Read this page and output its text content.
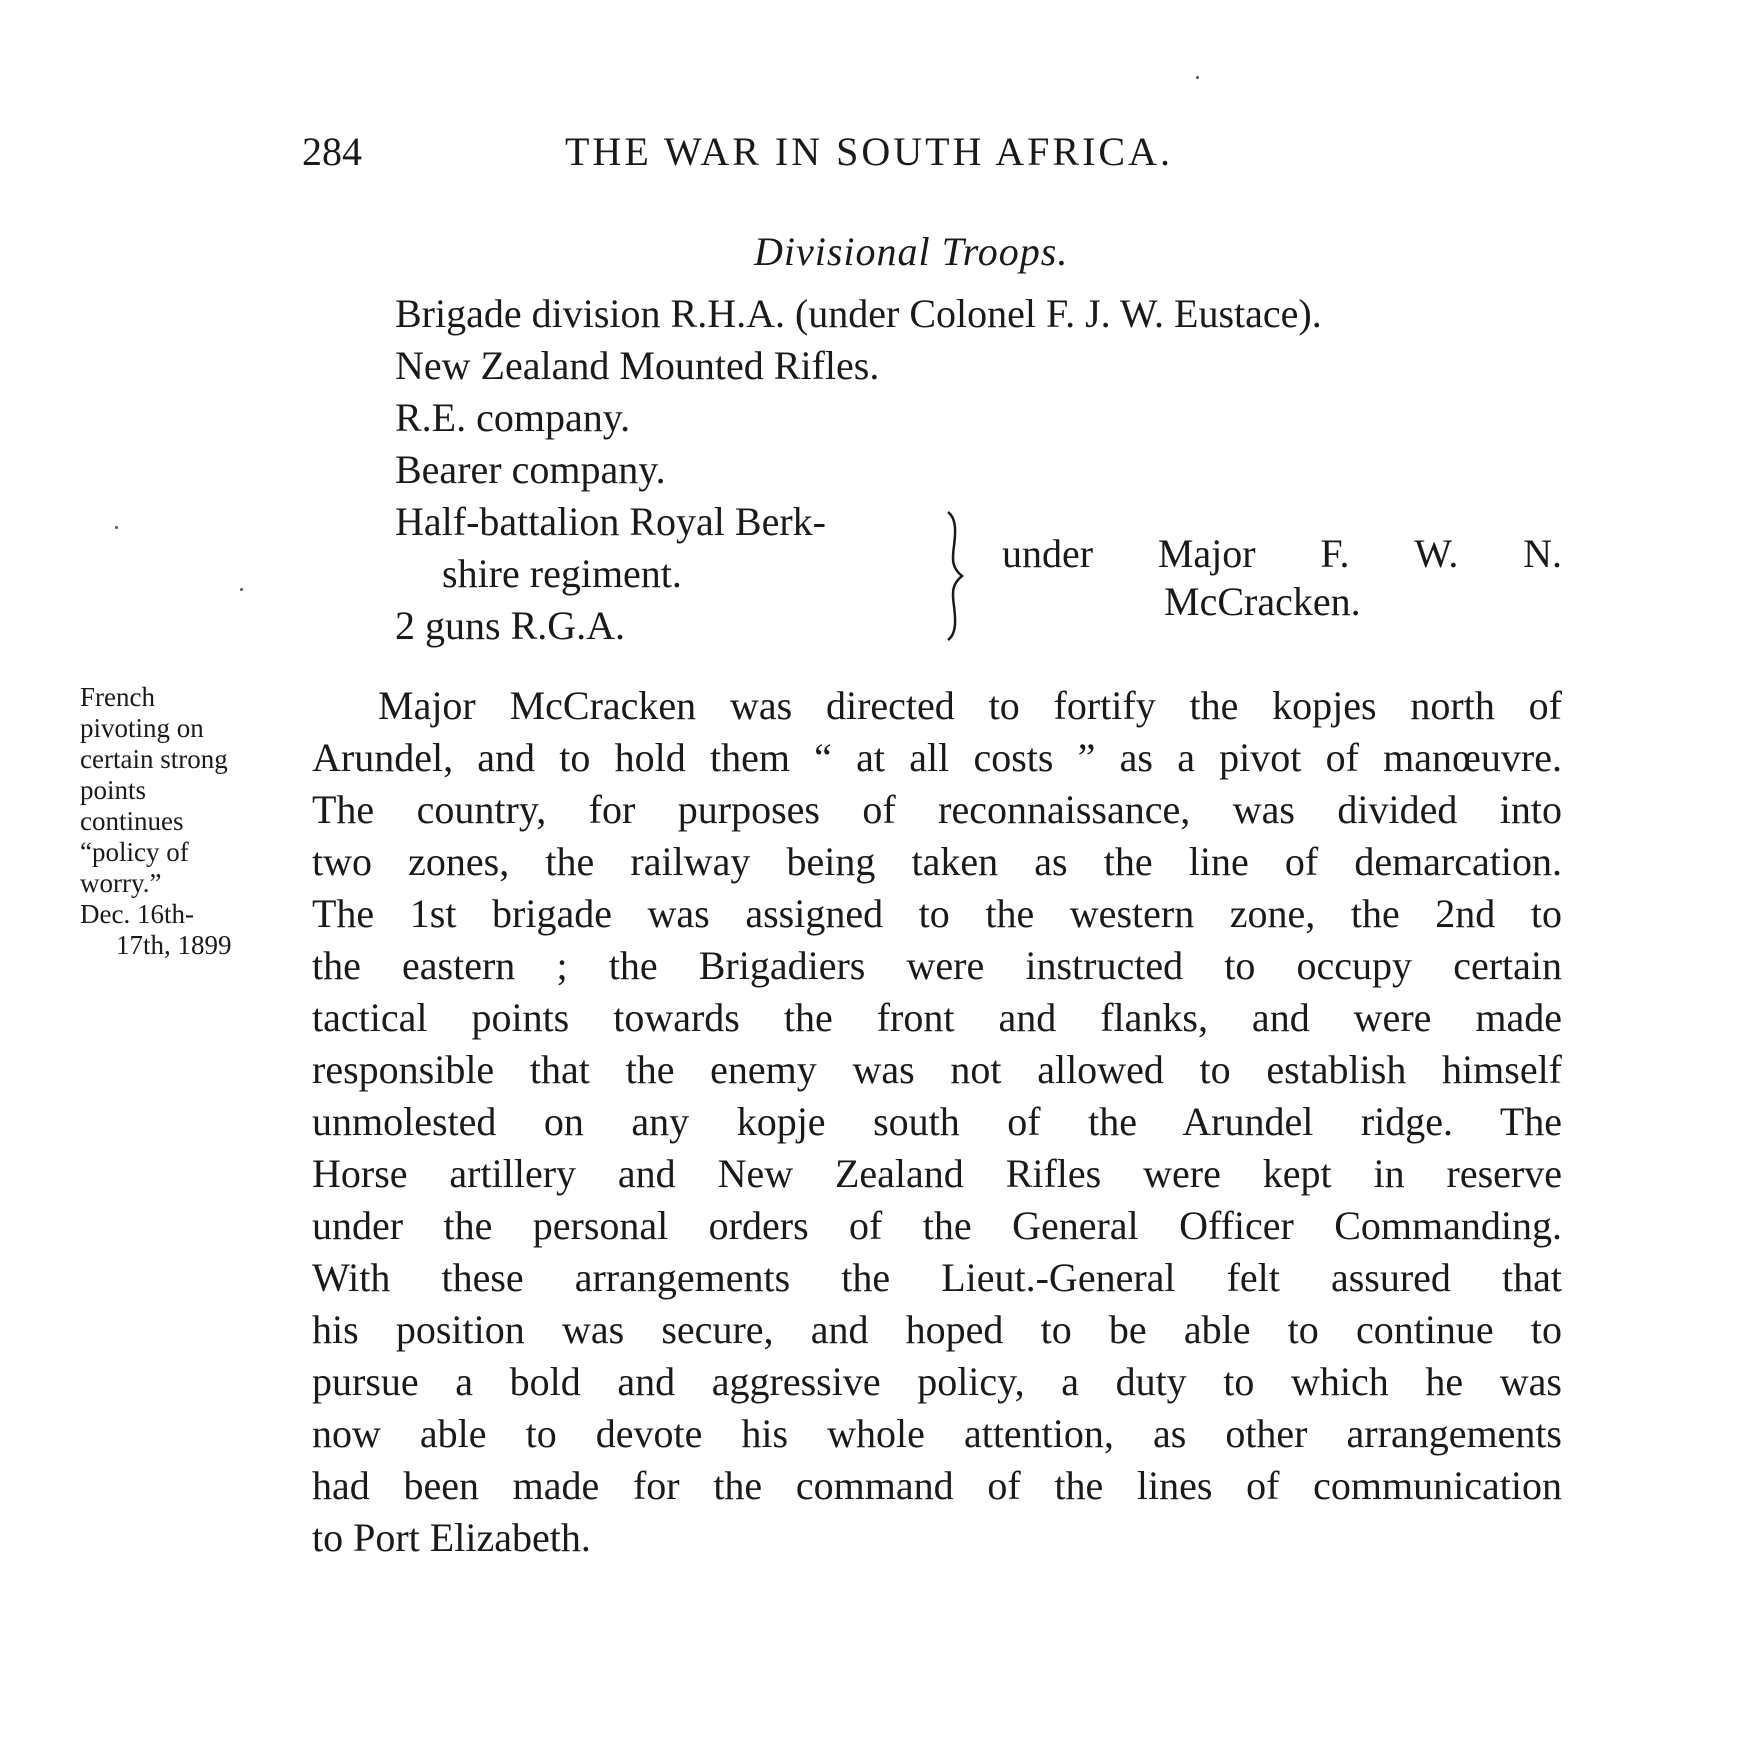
284	THE WAR IN SOUTH AFRICA.
Divisional Troops.
Brigade division R.H.A. (under Colonel F. J. W. Eustace).
New Zealand Mounted Rifles.
R.E. company.
Bearer company.
Half-battalion Royal Berk-
shire regiment.
2 guns R.G.A.
under Major F. W. N.
McCracken.
French
pivoting on
certain strong
points
continues
“policy of
worry.”
Dec. 16th-
17th, 1899
Major McCracken was directed to fortify the kopjes north of
Arundel, and to hold them “ at all costs ” as a pivot of manœuvre.
The country, for purposes of reconnaissance, was divided into
two zones, the railway being taken as the line of demarcation.
The 1st brigade was assigned to the western zone, the 2nd to
the eastern ; the Brigadiers were instructed to occupy certain
tactical points towards the front and flanks, and were made
responsible that the enemy was not allowed to establish himself
unmolested on any kopje south of the Arundel ridge. The
Horse artillery and New Zealand Rifles were kept in reserve
under the personal orders of the General Officer Commanding.
With these arrangements the Lieut.-General felt assured that
his position was secure, and hoped to be able to continue to
pursue a bold and aggressive policy, a duty to which he was
now able to devote his whole attention, as other arrangements
had been made for the command of the lines of communication
to Port Elizabeth.
